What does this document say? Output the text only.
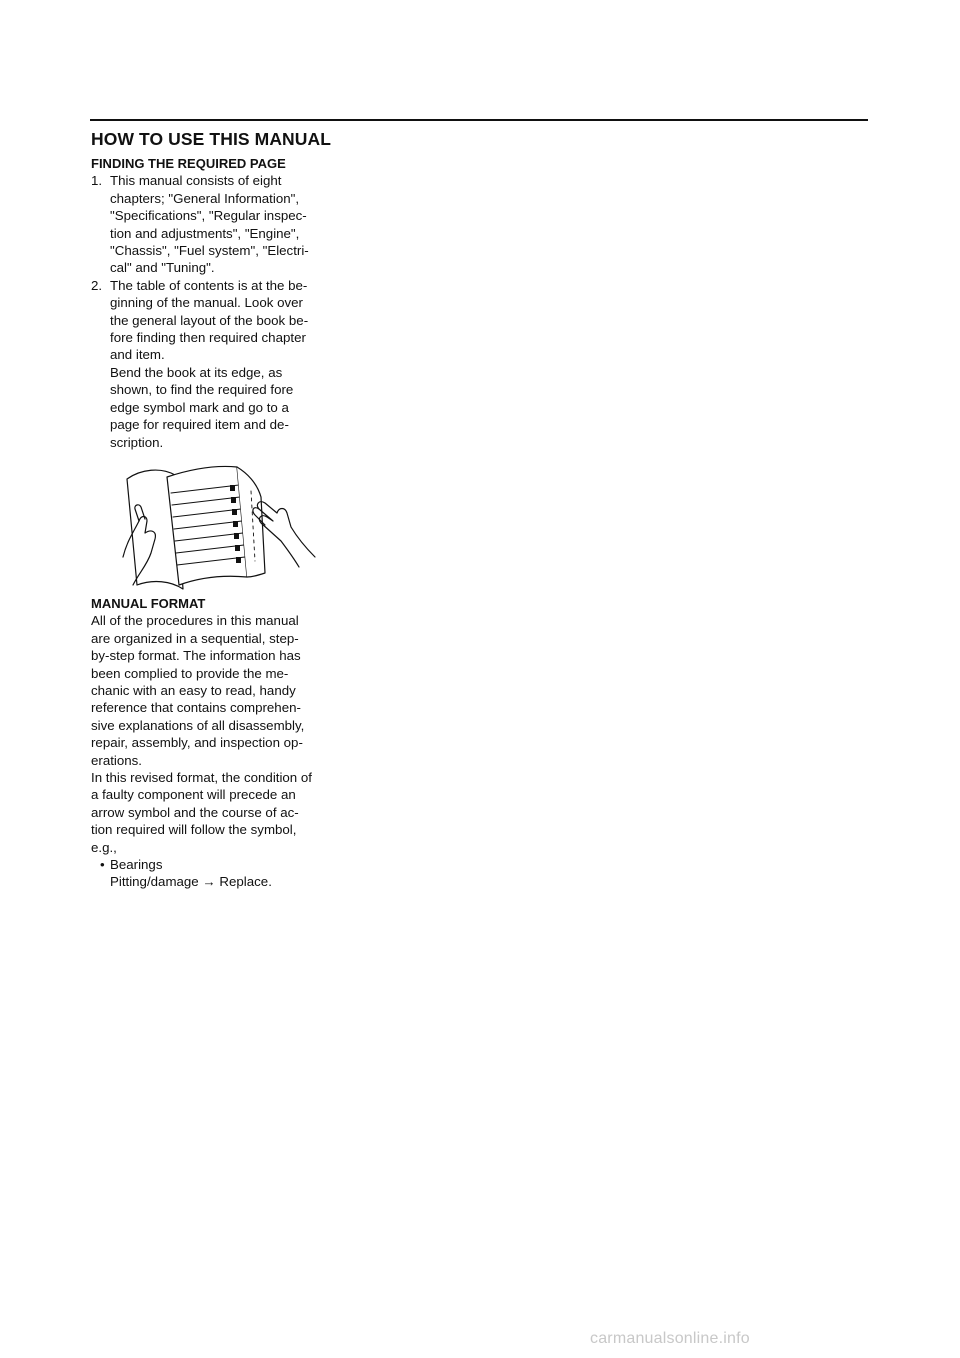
HOW TO USE THIS MANUAL
FINDING THE REQUIRED PAGE
1. This manual consists of eight
chapters; "General Information",
"Specifications", "Regular inspec-
tion and adjustments", "Engine",
"Chassis", "Fuel system", "Electri-
cal" and "Tuning".
2. The table of contents is at the be-
ginning of the manual. Look over
the general layout of the book be-
fore finding then required chapter
and item.
Bend the book at its edge, as
shown, to find the required fore
edge symbol mark and go to a
page for required item and de-
scription.
MANUAL FORMAT
All of the procedures in this manual
are organized in a sequential, step-
by-step format. The information has
been complied to provide the me-
chanic with an easy to read, handy
reference that contains comprehen-
sive explanations of all disassembly,
repair, assembly, and inspection op-
erations.
In this revised format, the condition of
a faulty component will precede an
arrow symbol and the course of ac-
tion required will follow the symbol,
e.g.,
• Bearings
Pitting/damage → Replace.
carmanualsonline.info
